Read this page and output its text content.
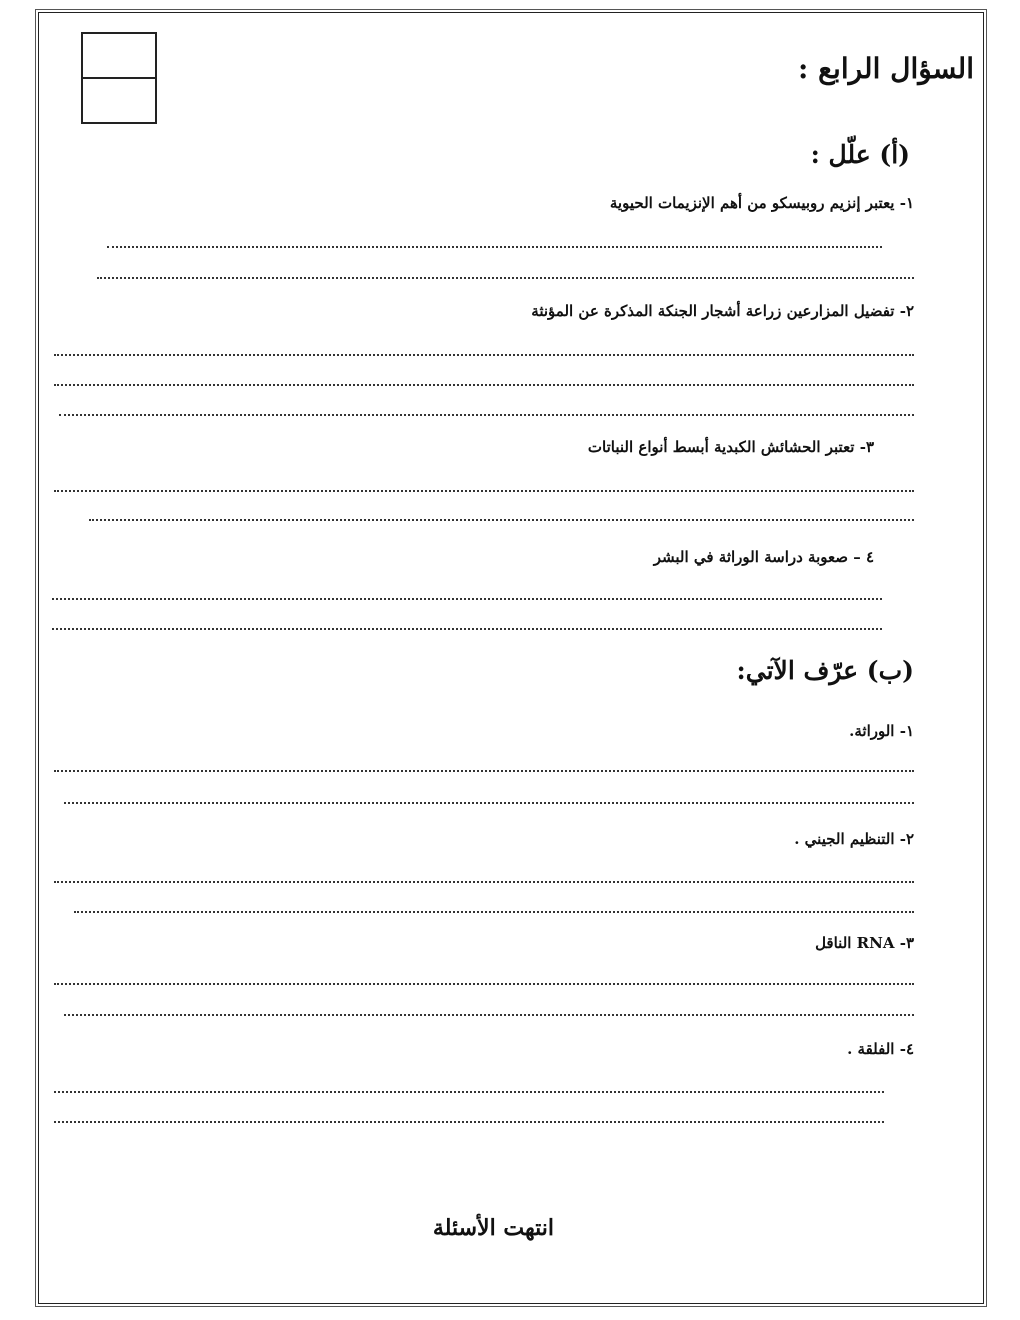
السؤال الرابع :
(أ) علّل :
١- يعتبر إنزيم روبيسكو من أهم الإنزيمات الحيوية
٢- تفضيل المزارعين زراعة أشجار الجنكة المذكرة عن المؤنثة
٣- تعتبر الحشائش الكبدية أبسط أنواع النباتات
٤ – صعوبة دراسة الوراثة في البشر
(ب) عرّف الآتي:
١- الوراثة.
٢- التنظيم الجيني .
٣- RNA الناقل
٤- الفلقة .
انتهت الأسئلة
